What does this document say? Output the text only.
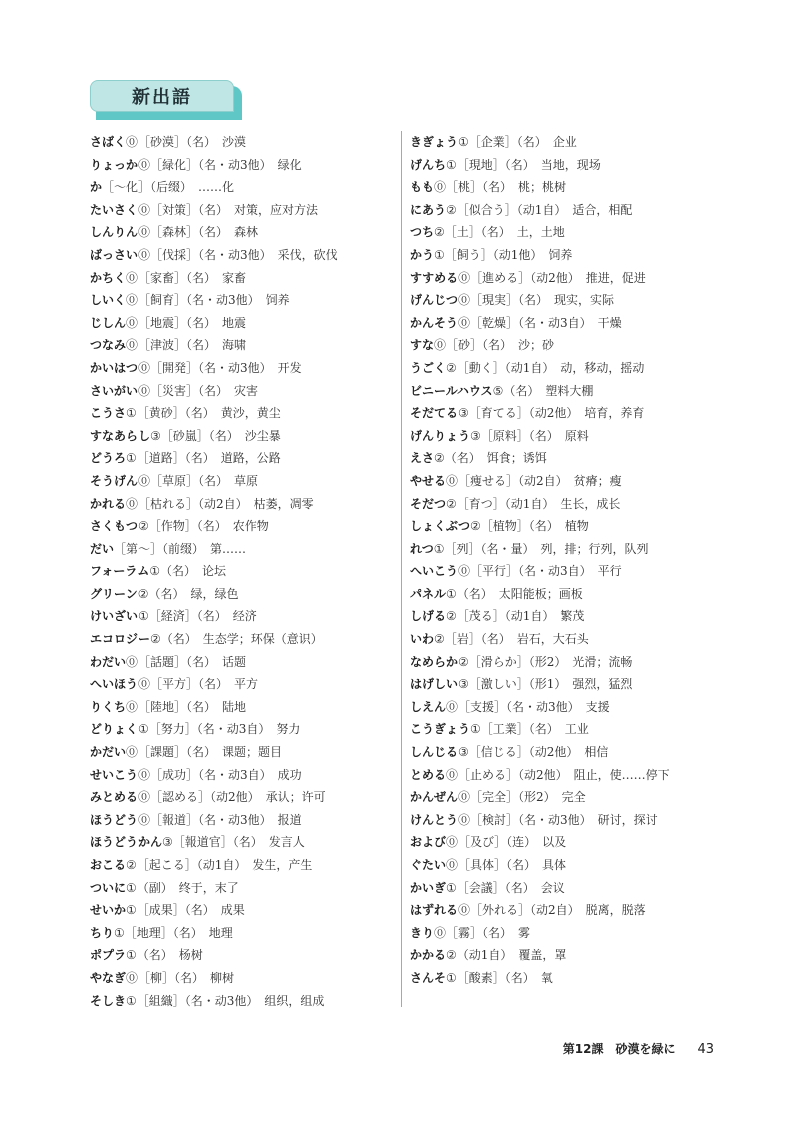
新出語
さばく⓪［砂漠］（名）　沙漠
りょっか⓪［緑化］（名・动3他）　绿化
か［～化］（后缀）　……化
たいさく⓪［対策］（名）　对策，应对方法
しんりん⓪［森林］（名）　森林
ばっさい⓪［伐採］（名・动3他）　采伐，砍伐
かちく⓪［家畜］（名）　家畜
しいく⓪［飼育］（名・动3他）　饲养
じしん⓪［地震］（名）　地震
つなみ⓪［津波］（名）　海啸
かいはつ⓪［開発］（名・动3他）　开发
さいがい⓪［災害］（名）　灾害
こうさ①［黄砂］（名）　黄沙，黄尘
すなあらし③［砂嵐］（名）　沙尘暴
どうろ①［道路］（名）　道路，公路
そうげん⓪［草原］（名）　草原
かれる⓪［枯れる］（动2自）　枯萎，凋零
さくもつ②［作物］（名）　农作物
だい［第～］（前缀）　第……
フォーラム①（名）　论坛
グリーン②（名）　绿，绿色
けいざい①［経済］（名）　经济
エコロジー②（名）　生态学；环保（意识）
わだい⓪［話題］（名）　话题
へいほう⓪［平方］（名）　平方
りくち⓪［陸地］（名）　陆地
どりょく①［努力］（名・动3自）　努力
かだい⓪［課題］（名）　课题；题目
せいこう⓪［成功］（名・动3自）　成功
みとめる⓪［認める］（动2他）　承认；许可
ほうどう⓪［報道］（名・动3他）　报道
ほうどうかん③［報道官］（名）　发言人
おこる②［起こる］（动1自）　发生，产生
ついに①（副）　终于，末了
せいか①［成果］（名）　成果
ちり①［地理］（名）　地理
ポプラ①（名）　杨树
やなぎ⓪［柳］（名）　柳树
そしき①［組織］（名・动3他）　组织，组成
きぎょう①［企業］（名）　企业
げんち①［現地］（名）　当地，现场
もも⓪［桃］（名）　桃；桃树
にあう②［似合う］（动1自）　适合，相配
つち②［土］（名）　土，土地
かう①［飼う］（动1他）　饲养
すすめる⓪［進める］（动2他）　推进，促进
げんじつ⓪［現実］（名）　现实，实际
かんそう⓪［乾燥］（名・动3自）　干燥
すな⓪［砂］（名）　沙；砂
うごく②［動く］（动1自）　动，移动，摇动
ビニールハウス⑤（名）　塑料大棚
そだてる③［育てる］（动2他）　培育，养育
げんりょう③［原料］（名）　原料
えさ②（名）　饵食；诱饵
やせる⓪［痩せる］（动2自）　贫瘠；瘦
そだつ②［育つ］（动1自）　生长，成长
しょくぶつ②［植物］（名）　植物
れつ①［列］（名・量）　列，排；行列，队列
へいこう⓪［平行］（名・动3自）　平行
パネル①（名）　太阳能板；画板
しげる②［茂る］（动1自）　繁茂
いわ②［岩］（名）　岩石，大石头
なめらか②［滑らか］（形2）　光滑；流畅
はげしい③［激しい］（形1）　强烈，猛烈
しえん⓪［支援］（名・动3他）　支援
こうぎょう①［工業］（名）　工业
しんじる③［信じる］（动2他）　相信
とめる⓪［止める］（动2他）　阻止，使……停下
かんぜん⓪［完全］（形2）　完全
けんとう⓪［検討］（名・动3他）　研讨，探讨
および⓪［及び］（连）　以及
ぐたい⓪［具体］（名）　具体
かいぎ①［会議］（名）　会议
はずれる⓪［外れる］（动2自）　脱离，脱落
きり⓪［霧］（名）　雾
かかる②（动1自）　覆盖，罩
さんそ①［酸素］（名）　氧
第12課　砂漠を緑に 43
